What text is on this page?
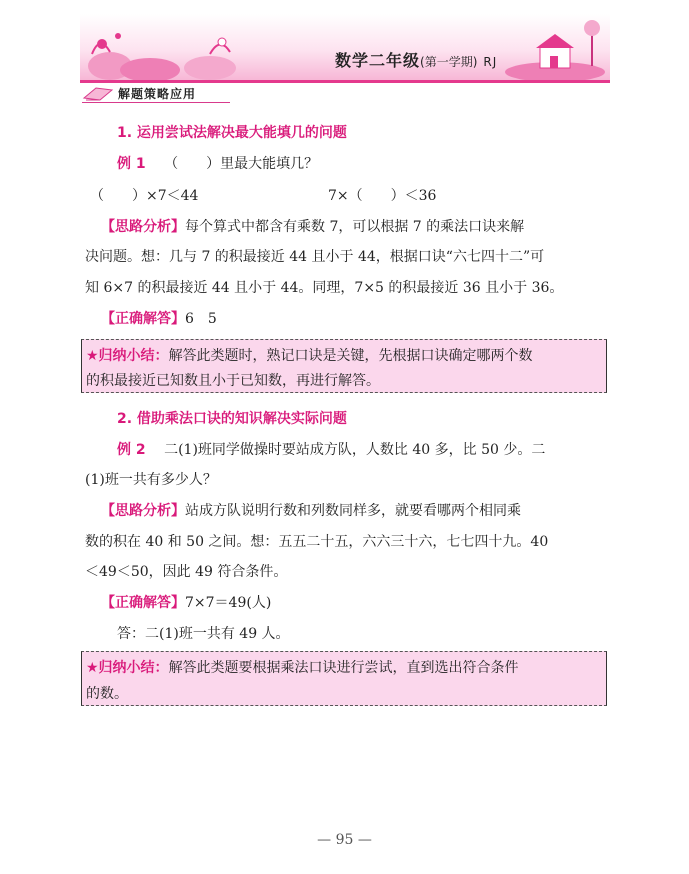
数学二年级(第一学期) RJ
解题策略应用
1. 运用尝试法解决最大能填几的问题
例 1 （　　）里最大能填几？
（　　）×7＜44	7×（　　）＜36
【思路分析】每个算式中都含有乘数 7，可以根据 7 的乘法口诀来解
决问题。想：几与 7 的积最接近 44 且小于 44，根据口诀“六七四十二”可
知 6×7 的积最接近 44 且小于 44。同理，7×5 的积最接近 36 且小于 36。
【正确解答】6　5
★归纳小结：解答此类题时，熟记口诀是关键，先根据口诀确定哪两个数
的积最接近已知数且小于已知数，再进行解答。
2. 借助乘法口诀的知识解决实际问题
例 2 二(1)班同学做操时要站成方队，人数比 40 多，比 50 少。二
(1)班一共有多少人？
【思路分析】站成方队说明行数和列数同样多，就要看哪两个相同乘
数的积在 40 和 50 之间。想：五五二十五，六六三十六，七七四十九。40
＜49＜50，因此 49 符合条件。
【正确解答】7×7＝49(人)
答：二(1)班一共有 49 人。
★归纳小结：解答此类题要根据乘法口诀进行尝试，直到选出符合条件
的数。
— 95 —
